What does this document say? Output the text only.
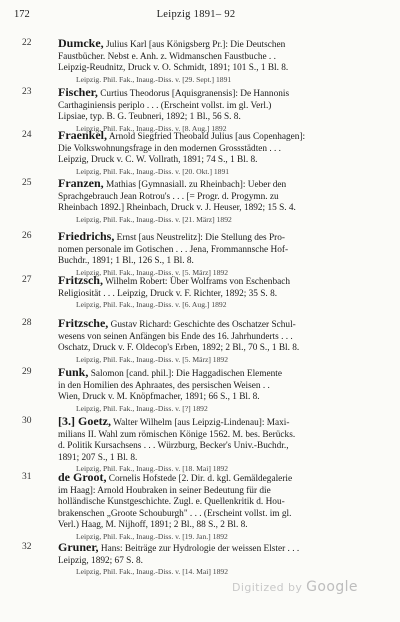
172	Leipzig 1891– 92
22 Dumcke, Julius Karl [aus Königsberg Pr.]: Die Deutschen
Faustbücher. Nebst e. Anh. z. Widmanschen Faustbuche . .
Leipzig-Reudnitz, Druck v. O. Schmidt, 1891; 101 S., 1 Bl. 8.
Leipzig. Phil. Fak., Inaug.-Diss. v. [29. Sept.] 1891
23 Fischer, Curtius Theodorus [Aquisgranensis]: De Hannonis
Carthaginiensis periplo . . . (Erscheint vollst. im gl. Verl.)
Lipsiae, typ. B. G. Teubneri, 1892; 1 Bl., 56 S. 8.
Leipzig, Phil. Fak., Inaug.-Diss. v. [8. Aug.] 1892
24 Fraenkel, Arnold Siegfried Theobald Julius [aus Copenhagen]:
Die Volkswohnungsfrage in den modernen Grossstädten . . .
Leipzig, Druck v. C. W. Vollrath, 1891; 74 S., 1 Bl. 8.
Leipzig, Phil. Fak., Inaug.-Diss. v. [20. Okt.] 1891
25 Franzen, Mathias [Gymnasiall. zu Rheinbach]: Ueber den
Sprachgebrauch Jean Rotrou's . . . [= Progr. d. Progymn. zu
Rheinbach 1892.] Rheinbach, Druck v. J. Heuser, 1892; 15 S. 4.
Leipzig, Phil. Fak., Inaug.-Diss. v. [21. März] 1892
26 Friedrichs, Ernst [aus Neustrelitz]: Die Stellung des Pro-
nomen personale im Gotischen . . . Jena, Frommannsche Hof-
Buchdr., 1891; 1 Bl., 126 S., 1 Bl. 8.
Leipzig, Phil. Fak., Inaug.-Diss. v. [5. März] 1892
27 Fritzsch, Wilhelm Robert: Über Wolframs von Eschenbach
Religiosität . . . Leipzig, Druck v. F. Richter, 1892; 35 S. 8.
Leipzig, Phil. Fak., Inaug.-Diss. v. [6. Aug.] 1892
28 Fritzsche, Gustav Richard: Geschichte des Oschatzer Schul-
wesens von seinen Anfängen bis Ende des 16. Jahrhunderts . . .
Oschatz, Druck v. F. Oldecop's Erben, 1892; 2 Bl., 70 S., 1 Bl. 8.
Leipzig, Phil. Fak., Inaug.-Diss. v. [5. März] 1892
29 Funk, Salomon [cand. phil.]: Die Haggadischen Elemente
in den Homilien des Aphraates, des persischen Weisen . .
Wien, Druck v. M. Knöpfmacher, 1891; 66 S., 1 Bl. 8.
Leipzig, Phil. Fak., Inaug.-Diss. v. [?] 1892
30 [3.] Goetz, Walter Wilhelm [aus Leipzig-Lindenau]: Maxi-
milians II. Wahl zum römischen Könige 1562. M. bes. Berücks.
d. Politik Kursachsens . . . Würzburg, Becker's Univ.-Buchdr.,
1891; 207 S., 1 Bl. 8.
Leipzig, Phil. Fak., Inaug.-Diss. v. [18. Mai] 1892
31 de Groot, Cornelis Hofstede [2. Dir. d. kgl. Gemäldegalerie
im Haag]: Arnold Houbraken in seiner Bedeutung für die
holländische Kunstgeschichte. Zugl. e. Quellenkritik d. Hou-
brakenschen „Groote Schouburgh" . . . (Erscheint vollst. im gl.
Verl.) Haag, M. Nijhoff, 1891; 2 Bl., 88 S., 2 Bl. 8.
Leipzig, Phil. Fak., Inaug.-Diss. v. [19. Jan.] 1892
32 Gruner, Hans: Beiträge zur Hydrologie der weissen Elster . . .
Leipzig, 1892; 67 S. 8.
Leipzig, Phil. Fak., Inaug.-Diss. v. [14. Mai] 1892
Digitized by Google
